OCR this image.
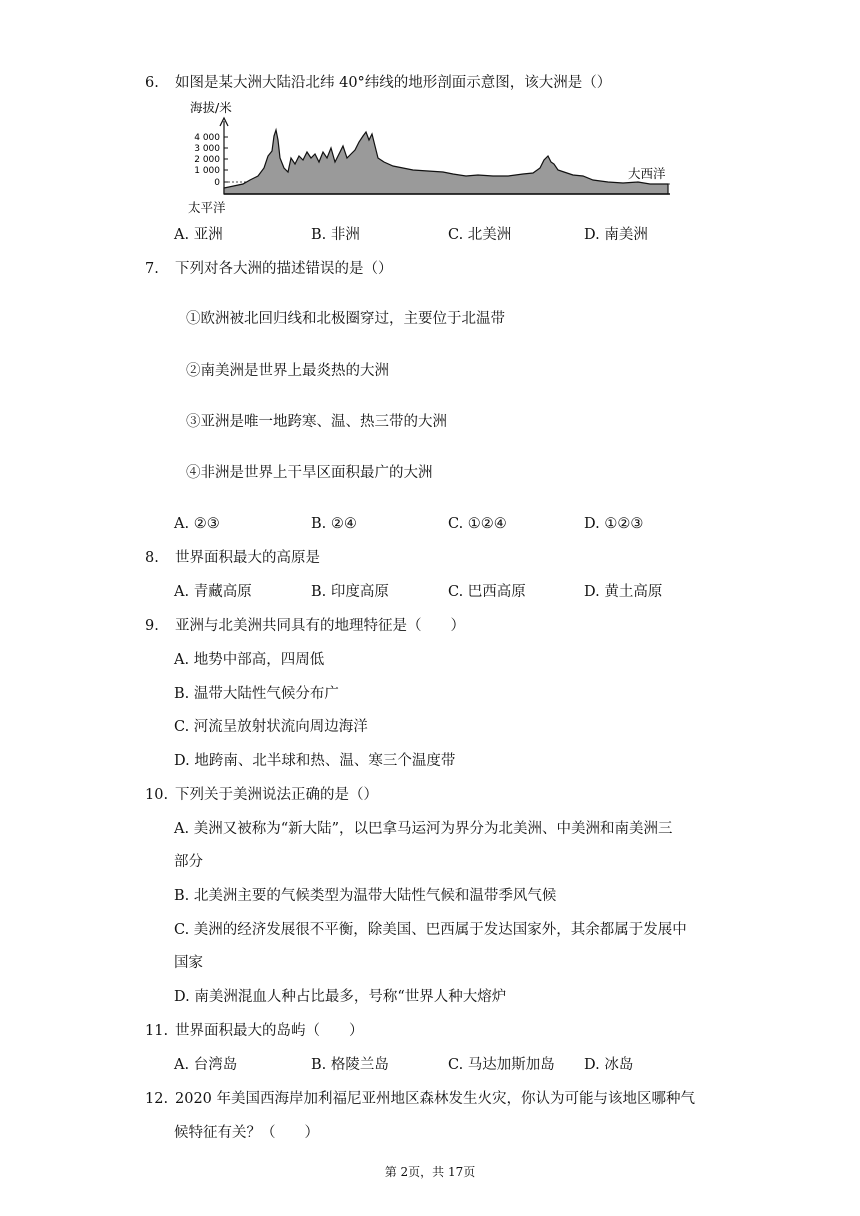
6. 如图是某大洲大陆沿北纬 40°纬线的地形剖面示意图，该大洲是（）
海拔/米
4 000
3 000
2 000
1 000
0
大西洋
太平洋
A. 亚洲	B. 非洲	C. 北美洲	D. 南美洲
7. 下列对各大洲的描述错误的是（）
①欧洲被北回归线和北极圈穿过，主要位于北温带
②南美洲是世界上最炎热的大洲
③亚洲是唯一地跨寒、温、热三带的大洲
④非洲是世界上干旱区面积最广的大洲
A. ②③	B. ②④	C. ①②④	D. ①②③
8. 世界面积最大的高原是
A. 青藏高原	B. 印度高原	C. 巴西高原	D. 黄土高原
9. 亚洲与北美洲共同具有的地理特征是（　　）
A. 地势中部高，四周低
B. 温带大陆性气候分布广
C. 河流呈放射状流向周边海洋
D. 地跨南、北半球和热、温、寒三个温度带
10. 下列关于美洲说法正确的是（）
A. 美洲又被称为“新大陆”，以巴拿马运河为界分为北美洲、中美洲和南美洲三
部分
B. 北美洲主要的气候类型为温带大陆性气候和温带季风气候
C. 美洲的经济发展很不平衡，除美国、巴西属于发达国家外，其余都属于发展中
国家
D. 南美洲混血人种占比最多，号称“世界人种大熔炉
11. 世界面积最大的岛屿（　　）
A. 台湾岛	B. 格陵兰岛	C. 马达加斯加岛 D. 冰岛
12. 2020 年美国西海岸加利福尼亚州地区森林发生火灾，你认为可能与该地区哪种气
候特征有关？（　　）
第 2页，共 17页
